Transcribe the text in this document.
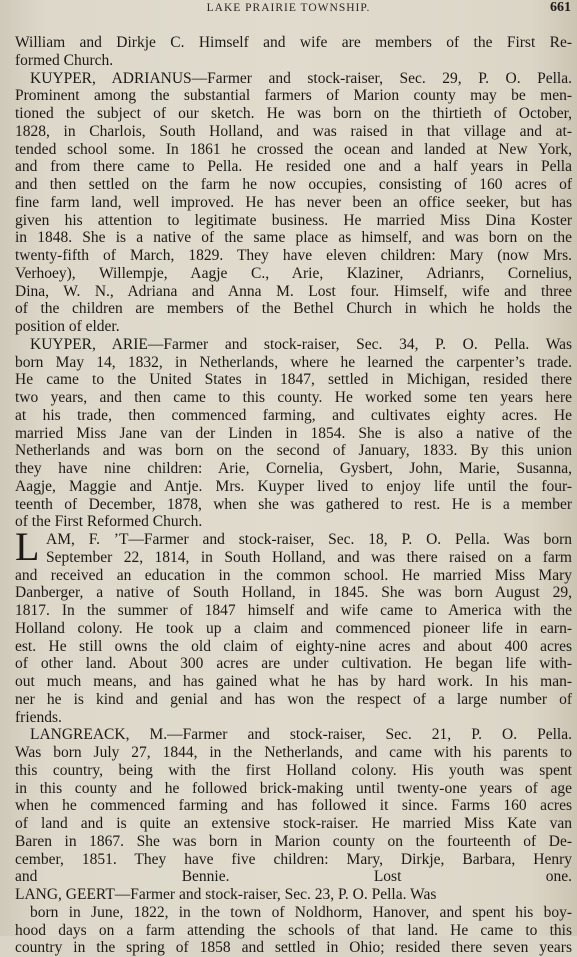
LAKE PRAIRIE TOWNSHIP.	661
L
William and Dirkje C. Himself and wife are members of the First Re-
formed Church.
KUYPER, ADRIANUS—Farmer and stock-raiser, Sec. 29, P. O. Pella.
Prominent among the substantial farmers of Marion county may be men-
tioned the subject of our sketch. He was born on the thirtieth of October,
1828, in Charlois, South Holland, and was raised in that village and at-
tended school some. In 1861 he crossed the ocean and landed at New York,
and from there came to Pella. He resided one and a half years in Pella
and then settled on the farm he now occupies, consisting of 160 acres of
fine farm land, well improved. He has never been an office seeker, but has
given his attention to legitimate business. He married Miss Dina Koster
in 1848. She is a native of the same place as himself, and was born on the
twenty-fifth of March, 1829. They have eleven children: Mary (now Mrs.
Verhoey), Willempje, Aagje C., Arie, Klaziner, Adrianrs, Cornelius,
Dina, W. N., Adriana and Anna M. Lost four. Himself, wife and three
of the children are members of the Bethel Church in which he holds the
position of elder.
KUYPER, ARIE—Farmer and stock-raiser, Sec. 34, P. O. Pella. Was
born May 14, 1832, in Netherlands, where he learned the carpenter’s trade.
He came to the United States in 1847, settled in Michigan, resided there
two years, and then came to this county. He worked some ten years here
at his trade, then commenced farming, and cultivates eighty acres. He
married Miss Jane van der Linden in 1854. She is also a native of the
Netherlands and was born on the second of January, 1833. By this union
they have nine children: Arie, Cornelia, Gysbert, John, Marie, Susanna,
Aagje, Maggie and Antje. Mrs. Kuyper lived to enjoy life until the four-
teenth of December, 1878, when she was gathered to rest. He is a member
of the First Reformed Church.
AM, F. ’T—Farmer and stock-raiser, Sec. 18, P. O. Pella. Was born
September 22, 1814, in South Holland, and was there raised on a farm
and received an education in the common school. He married Miss Mary
Danberger, a native of South Holland, in 1845. She was born August 29,
1817. In the summer of 1847 himself and wife came to America with the
Holland colony. He took up a claim and commenced pioneer life in earn-
est. He still owns the old claim of eighty-nine acres and about 400 acres
of other land. About 300 acres are under cultivation. He began life with-
out much means, and has gained what he has by hard work. In his man-
ner he is kind and genial and has won the respect of a large number of
friends.
LANGREACK, M.—Farmer and stock-raiser, Sec. 21, P. O. Pella.
Was born July 27, 1844, in the Netherlands, and came with his parents to
this country, being with the first Holland colony. His youth was spent
in this county and he followed brick-making until twenty-one years of age
when he commenced farming and has followed it since. Farms 160 acres
of land and is quite an extensive stock-raiser. He married Miss Kate van
Baren in 1867. She was born in Marion county on the fourteenth of De-
cember, 1851. They have five children: Mary, Dirkje, Barbara, Henry
and Bennie. Lost one.
LANG, GEERT—Farmer and stock-raiser, Sec. 23, P. O. Pella. Was
born in June, 1822, in the town of Noldhorm, Hanover, and spent his boy-
hood days on a farm attending the schools of that land. He came to this
country in the spring of 1858 and settled in Ohio; resided there seven years
